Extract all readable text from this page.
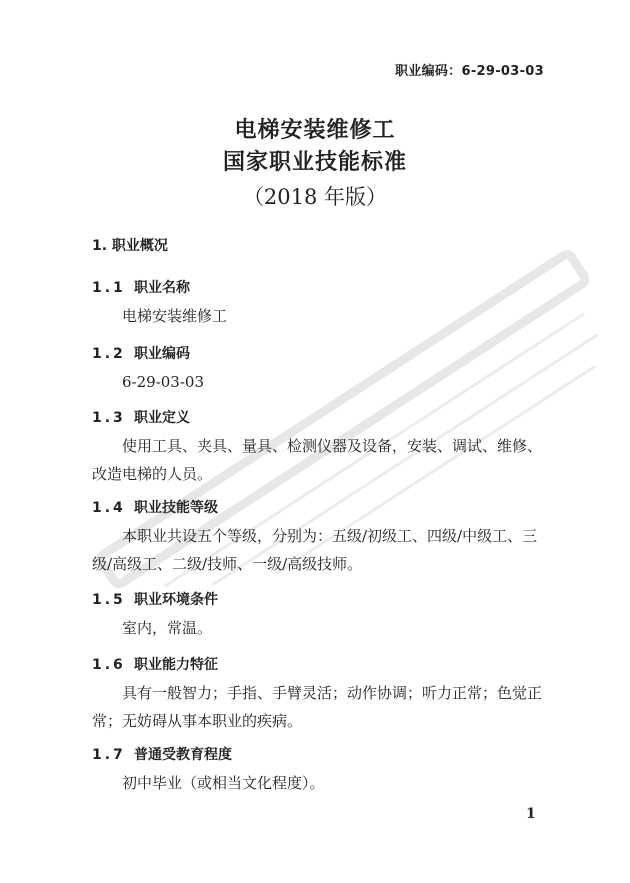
职业编码：6-29-03-03
电梯安装维修工
国家职业技能标准
（2018 年版）
1. 职业概况
1.1 职业名称
电梯安装维修工
1.2 职业编码
6-29-03-03
1.3 职业定义
使用工具、夹具、量具、检测仪器及设备，安装、调试、维修、改造电梯的人员。
1.4 职业技能等级
本职业共设五个等级，分别为：五级/初级工、四级/中级工、三级/高级工、二级/技师、一级/高级技师。
1.5 职业环境条件
室内，常温。
1.6 职业能力特征
具有一般智力；手指、手臂灵活；动作协调；听力正常；色觉正常；无妨碍从事本职业的疾病。
1.7 普通受教育程度
初中毕业（或相当文化程度）。
1
